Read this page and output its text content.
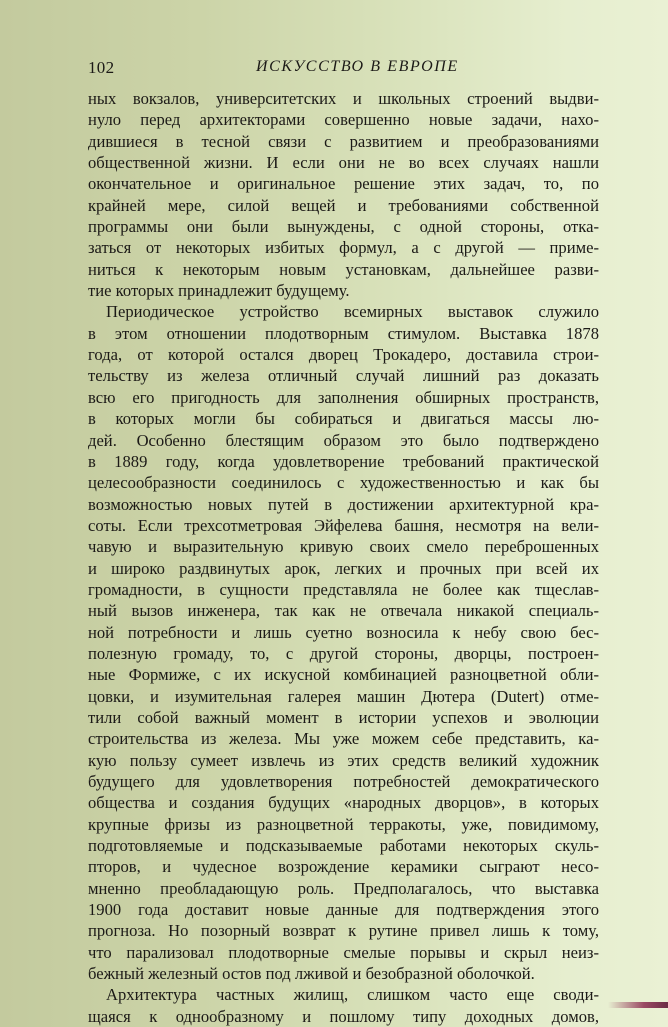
102	ИСКУССТВО В ЕВРОПЕ
ных вокзалов, университетских и школьных строений выдви-
нуло перед архитекторами совершенно новые задачи, нахо-
дившиеся в тесной связи с развитием и преобразованиями
общественной жизни. И если они не во всех случаях нашли
окончательное и оригинальное решение этих задач, то, по
крайней мере, силой вещей и требованиями собственной
программы они были вынуждены, с одной стороны, отка-
заться от некоторых избитых формул, а с другой — приме-
ниться к некоторым новым установкам, дальнейшее разви-
тие которых принадлежит будущему.
Периодическое устройство всемирных выставок служило
в этом отношении плодотворным стимулом. Выставка 1878
года, от которой остался дворец Трокадеро, доставила строи-
тельству из железа отличный случай лишний раз доказать
всю его пригодность для заполнения обширных пространств,
в которых могли бы собираться и двигаться массы лю-
дей. Особенно блестящим образом это было подтверждено
в 1889 году, когда удовлетворение требований практической
целесообразности соединилось с художественностью и как бы
возможностью новых путей в достижении архитектурной кра-
соты. Если трехсотметровая Эйфелева башня, несмотря на вели-
чавую и выразительную кривую своих смело переброшенных
и широко раздвинутых арок, легких и прочных при всей их
громадности, в сущности представляла не более как тщеслав-
ный вызов инженера, так как не отвечала никакой специаль-
ной потребности и лишь суетно возносила к небу свою бес-
полезную громаду, то, с другой стороны, дворцы, построен-
ные Формиже, с их искусной комбинацией разноцветной обли-
цовки, и изумительная галерея машин Дютера (Dutert) отме-
тили собой важный момент в истории успехов и эволюции
строительства из железа. Мы уже можем себе представить, ка-
кую пользу сумеет извлечь из этих средств великий художник
будущего для удовлетворения потребностей демократического
общества и создания будущих «народных дворцов», в которых
крупные фризы из разноцветной терракоты, уже, повидимому,
подготовляемые и подсказываемые работами некоторых скуль-
пторов, и чудесное возрождение керамики сыграют несо-
мненно преобладающую роль. Предполагалось, что выставка
1900 года доставит новые данные для подтверждения этого
прогноза. Но позорный возврат к рутине привел лишь к тому,
что парализовал плодотворные смелые порывы и скрыл неиз-
бежный железный остов под лживой и безобразной оболочкой.
Архитектура частных жилищ, слишком часто еще своди-
щаяся к однообразному и пошлому типу доходных домов,
